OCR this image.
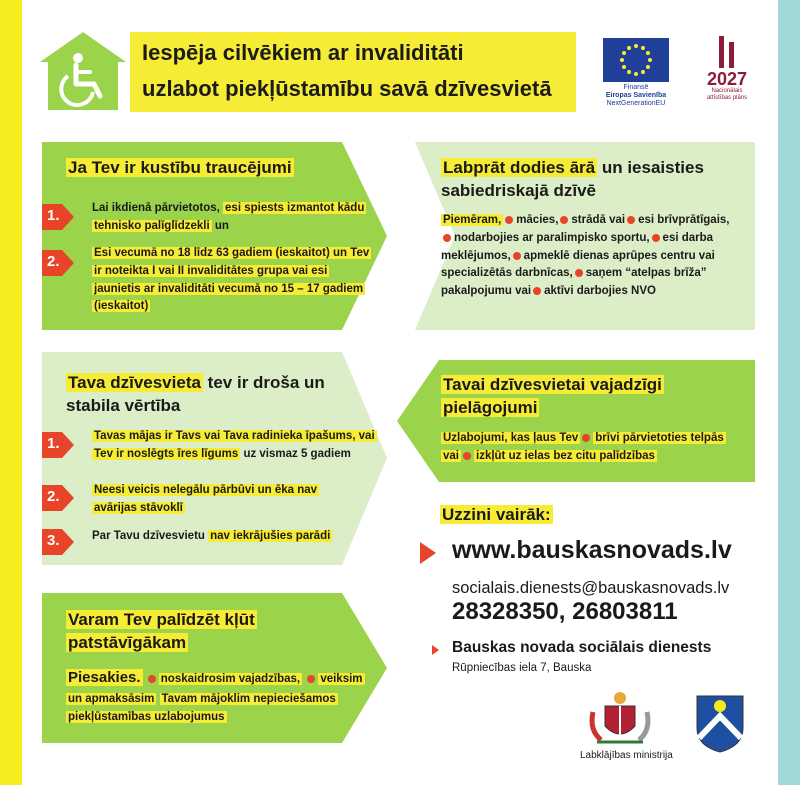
Iespēja cilvēkiem ar invaliditāti
uzlabot piekļūstamību savā dzīvesvietā	Finansē
Eiropas Savienība
NextGenerationEU
2027
Nacionālais
attīstības plāns
Ja Tev ir kustību traucējumi
1.	Lai ikdienā pārvietotos, esi spiests izmantot kādu tehnisko palīglīdzekli un
2.	Esi vecumā no 18 līdz 63 gadiem (ieskaitot) un Tev ir noteikta I vai II invaliditātes grupa vai esi jaunietis ar invaliditāti vecumā no 15 – 17 gadiem (ieskaitot)
Labprāt dodies ārā un iesaisties sabiedriskajā dzīvē
Piemēram, mācies, strādā vai esi brīvprātīgais,nodarbojies ar paralimpisko sportu, esi darba meklējumos, apmeklē dienas aprūpes centru vai specializētās darbnīcas, saņem “atelpas brīža” pakalpojumu vai aktīvi darbojies NVO
Tava dzīvesvieta tev ir droša un stabila vērtība
1.	Tavas mājas ir Tavs vai Tava radinieka īpašums, vai Tev ir noslēgts īres līgums uz vismaz 5 gadiem
2.	Neesi veicis nelegālu pārbūvi un ēka nav avārijas stāvoklī
3.	Par Tavu dzīvesvietu nav iekrājušies parādi
Tavai dzīvesvietai vajadzīgi pielāgojumi
Uzlabojumi, kas ļaus Tev brīvi pārvietoties telpās vai izkļūt uz ielas bez citu palīdzības
Varam Tev palīdzēt kļūt patstāvīgākam
Piesakies. noskaidrosim vajadzības, veiksim un apmaksāsim Tavam mājoklim nepieciešamos piekļūstamības uzlabojumus
Uzzini vairāk:
www.bauskasnovads.lv
socialais.dienests@bauskasnovads.lv
28328350, 26803811
Bauskas novada sociālais dienests
Rūpniecības iela 7, Bauska
Labklājības ministrija
